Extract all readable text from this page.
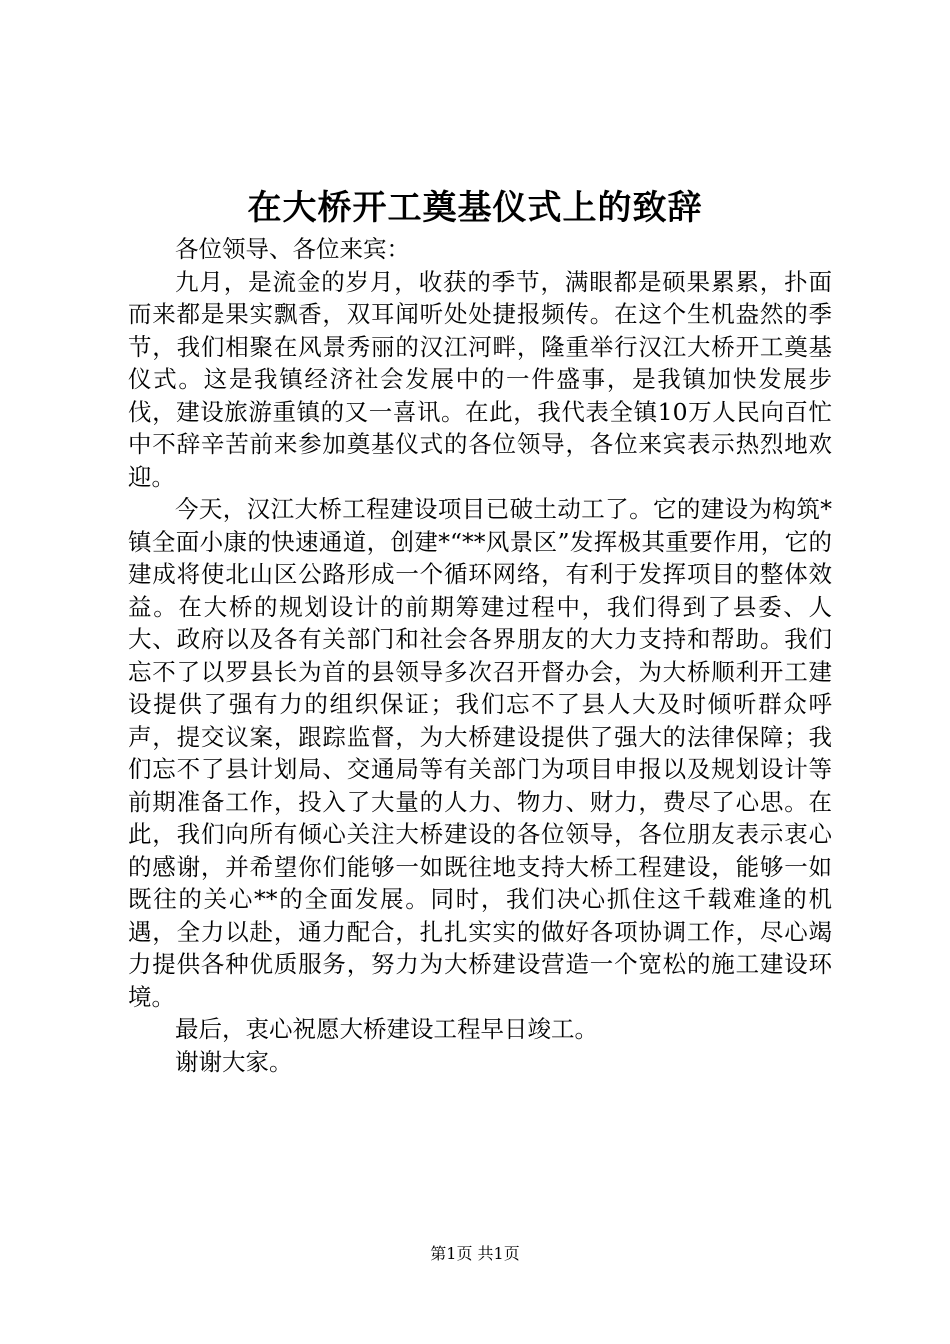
在大桥开工奠基仪式上的致辞

各位领导、各位来宾：

九月，是流金的岁月，收获的季节，满眼都是硕果累累，扑面而来都是果实飘香，双耳闻听处处捷报频传。在这个生机盎然的季节，我们相聚在风景秀丽的汉江河畔，隆重举行汉江大桥开工奠基仪式。这是我镇经济社会发展中的一件盛事，是我镇加快发展步伐，建设旅游重镇的又一喜讯。在此，我代表全镇10万人民向百忙中不辞辛苦前来参加奠基仪式的各位领导，各位来宾表示热烈地欢迎。

今天，汉江大桥工程建设项目已破土动工了。它的建设为构筑*镇全面小康的快速通道，创建*“**风景区”发挥极其重要作用，它的建成将使北山区公路形成一个循环网络，有利于发挥项目的整体效益。在大桥的规划设计的前期筹建过程中，我们得到了县委、人大、政府以及各有关部门和社会各界朋友的大力支持和帮助。我们忘不了以罗县长为首的县领导多次召开督办会，为大桥顺利开工建设提供了强有力的组织保证；我们忘不了县人大及时倾听群众呼声，提交议案，跟踪监督，为大桥建设提供了强大的法律保障；我们忘不了县计划局、交通局等有关部门为项目申报以及规划设计等前期准备工作，投入了大量的人力、物力、财力，费尽了心思。在此，我们向所有倾心关注大桥建设的各位领导，各位朋友表示衷心的感谢，并希望你们能够一如既往地支持大桥工程建设，能够一如既往的关心**的全面发展。同时，我们决心抓住这千载难逢的机遇，全力以赴，通力配合，扎扎实实的做好各项协调工作，尽心竭力提供各种优质服务，努力为大桥建设营造一个宽松的施工建设环境。

最后，衷心祝愿大桥建设工程早日竣工。

谢谢大家。

第1页 共1页
